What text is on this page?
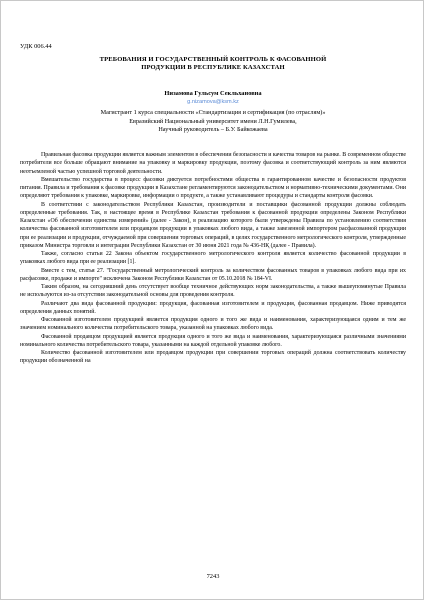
УДК 006.44
ТРЕБОВАНИЯ И ГОСУДАРСТВЕННЫЙ КОНТРОЛЬ К ФАСОВАННОЙ
ПРОДУКЦИИ В РЕСПУБЛИКЕ КАЗАХСТАН
Низамова Гульсум Секльхановна
g.nizamova@ksm.kz
Магистрант 1 курса специальности «Стандартизация и сертификация (по отраслям)»
Евразийский Национальный университет имени Л.Н.Гумилева,
Научный руководитель – Б.У. Байкожаева

Правильная фасовка продукции является важным элементом в обеспечении безопасности и качества товаров на рынке. В современном обществе потребители все больше обращают внимание на упаковку и маркировку продукции, поэтому фасовка и соответствующий контроль за ним являются неотъемлемой частью успешной торговой деятельности.

Вмешательство государства в процесс фасовки диктуется потребностями общества в гарантированном качестве и безопасности продуктов питания. Правила и требования к фасовке продукции в Казахстане регламентируются законодательством и нормативно-техническими документами. Они определяют требования к упаковке, маркировке, информации о продукте, а также устанавливают процедуры и стандарты контроля фасовки.

В соответствии с законодательством Республики Казахстан, производители и поставщики фасованной продукции должны соблюдать определенные требования. Так, в настоящее время в Республике Казахстан требования к фасованной продукции определены Законом Республики Казахстан «Об обеспечении единства измерений» (далее - Закон), в реализацию которого были утверждены Правила по установлению соответствия количества фасованной изготовителем или продавцом продукции в упаковках любого вида, а также завезенной импортером расфасованной продукции при ее реализации и продукции, отчуждаемой при совершении торговых операций, в целях государственного метрологического контроля, утвержденные приказом Министра торговли и интеграции Республики Казахстан от 30 июня 2021 года № 436-НҚ (далее - Правила).

Также, согласно статьи 22 Закона объектом государственного метрологического контроля является количество фасованной продукции в упаковках любого вида при ее реализации [1].

Вместе с тем, статья 27. "Государственный метрологический контроль за количеством фасованных товаров в упаковках любого вида при их расфасовке, продаже и импорте" исключена Законом Республики Казахстан от 05.10.2018 № 184-VI.

Таким образом, на сегодняшний день отсутствует вообще техничное действующих норм законодательства, а также вышеупомянутые Правила не используются из-за отсутствия законодательной основы для проведения контроля.

Различают два вида фасованной продукции: продукция, фасованная изготовителем и продукция, фасованная продавцом. Ниже приводятся определения данных понятий.

Фасованной изготовителем продукцией является продукция одного и того же вида и наименования, характеризующаяся одним и тем же значением номинального количества потребительского товара, указанной на упаковках любого вида.

Фасованной продавцом продукцией является продукция одного и того же вида и наименования, характеризующаяся различными значениями номинального количества потребительского товара, указанными на каждой отдельной упаковке любого.

Количество фасованной изготовителем или продавцом продукции при совершении торговых операций должна соответствовать количеству продукции обозначенной на

7243
